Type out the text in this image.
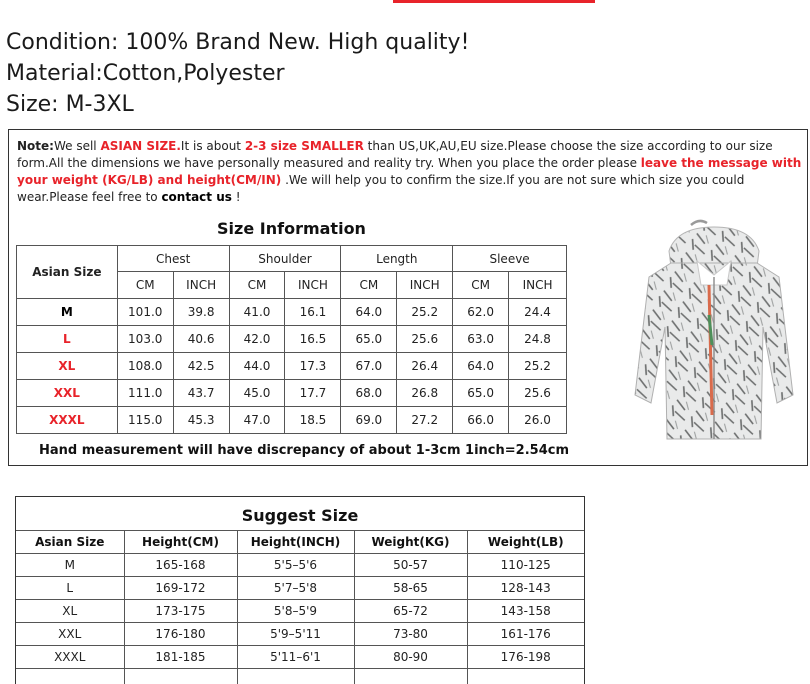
Condition: 100% Brand New. High quality!
Material:Cotton,Polyester
Size: M-3XL
Note:We sell ASIAN SIZE.It is about 2-3 size SMALLER than US,UK,AU,EU size.Please choose the size according to our size form.All the dimensions we have personally measured and reality try. When you place the order please leave the message with your weight (KG/LB) and height(CM/IN) .We will help you to confirm the size.If you are not sure which size you could wear.Please feel free to contact us !
Size Information
Asian Size	Chest		Shoulder		Length		Sleeve	
	CM	INCH	CM	INCH	CM	INCH	CM	INCH
M	101.0	39.8	41.0	16.1	64.0	25.2	62.0	24.4
L	103.0	40.6	42.0	16.5	65.0	25.6	63.0	24.8
XL	108.0	42.5	44.0	17.3	67.0	26.4	64.0	25.2
XXL	111.0	43.7	45.0	17.7	68.0	26.8	65.0	25.6
XXXL	115.0	45.3	47.0	18.5	69.0	27.2	66.0	26.0
Hand measurement will have discrepancy of about 1-3cm 1inch=2.54cm
Suggest Size
Asian Size	Height(CM)	Height(INCH)	Weight(KG)	Weight(LB)
M	165-168	5'5–5'6	50-57	110-125
L	169-172	5'7–5'8	58-65	128-143
XL	173-175	5'8–5'9	65-72	143-158
XXL	176-180	5'9–5'11	73-80	161-176
XXXL	181-185	5'11–6'1	80-90	176-198
